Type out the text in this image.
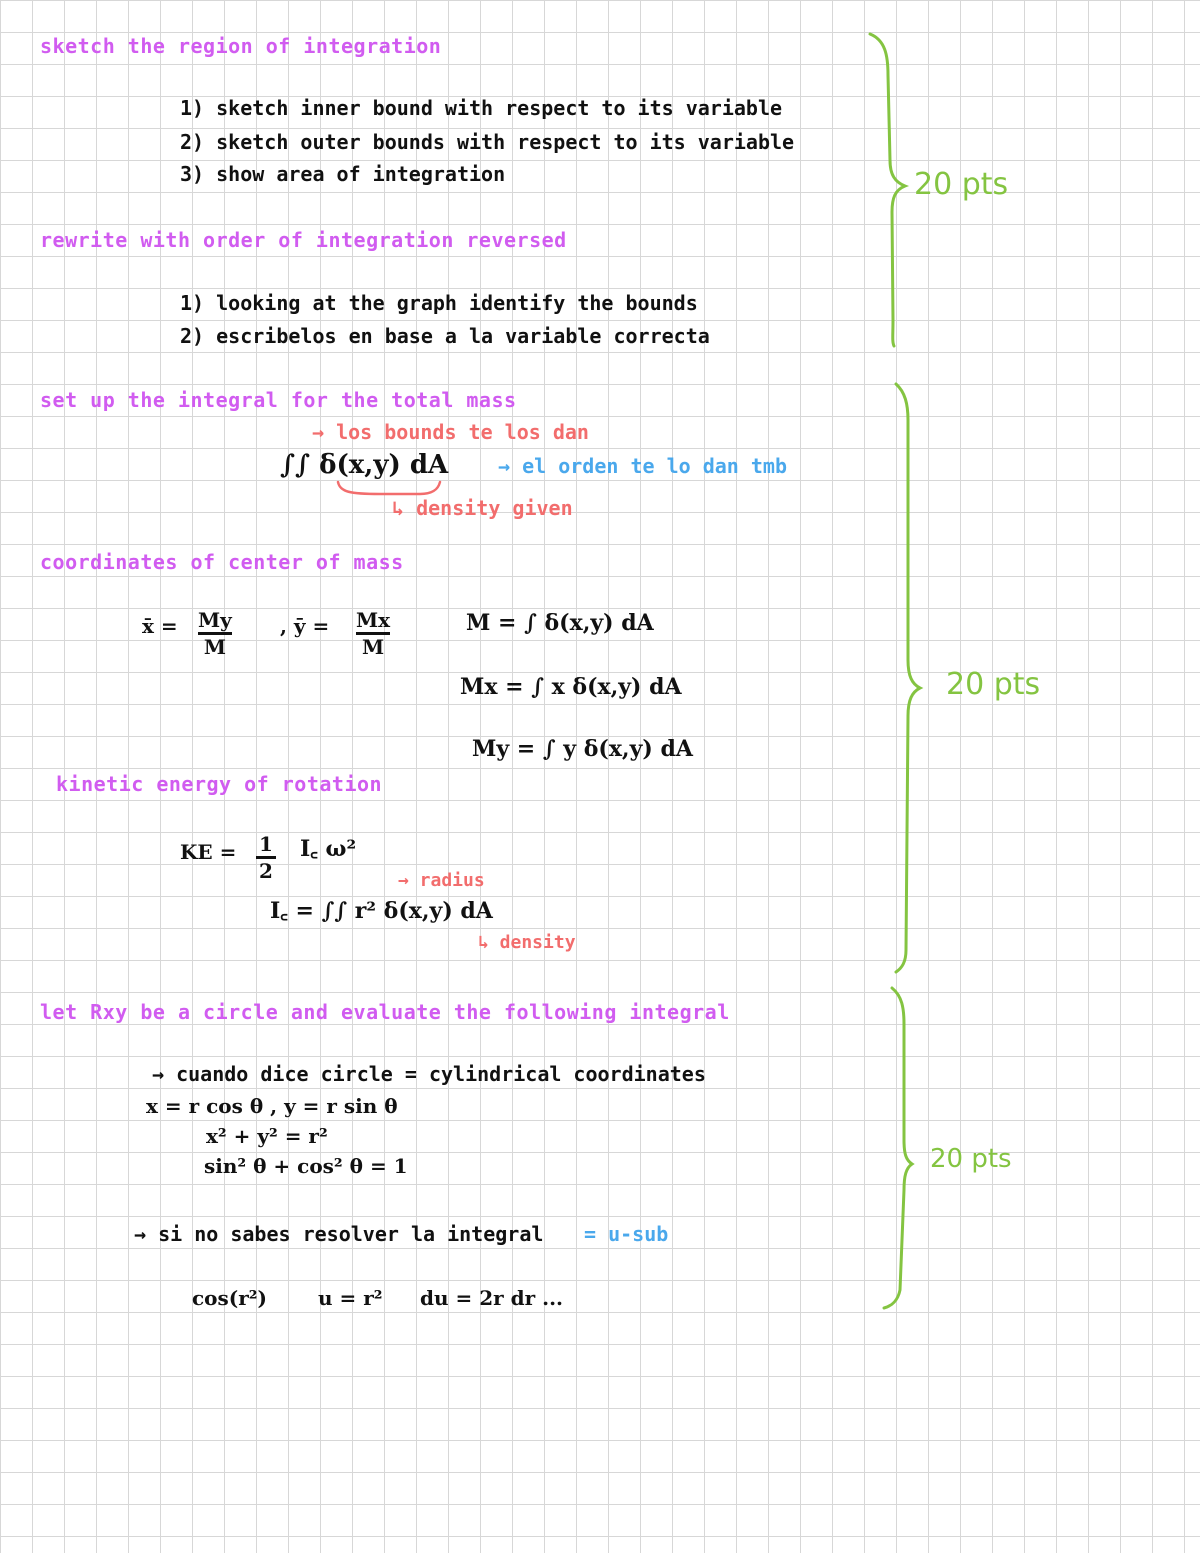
sketch the region of integration
1) sketch inner bound with respect to its variable
2) sketch outer bounds with respect to its variable
3) show area of integration
rewrite with order of integration reversed
1) looking at the graph identify the bounds
2) escribelos en base a la variable correcta
set up the integral for the total mass
→ los bounds te los dan
∫∫ δ(x,y) dA → el orden te lo dan tmb
↳ density given
coordinates of center of mass
x̄ = My
M
, ȳ = Mx
M
M = ∫ δ(x,y) dA
Mx = ∫ x δ(x,y) dA
My = ∫ y δ(x,y) dA
kinetic energy of rotation
KE = 1
2
I꜀ ω²
→ radius
I꜀ = ∫∫ r² δ(x,y) dA
↳ density
let Rxy be a circle and evaluate the following integral
→ cuando dice circle = cylindrical coordinates
x = r cos θ , y = r sin θ
x² + y² = r²
sin² θ + cos² θ = 1
→ si no sabes resolver la integral = u-sub
cos(r²)	u = r² du = 2r dr ...
20 pts
20 pts
20 pts
